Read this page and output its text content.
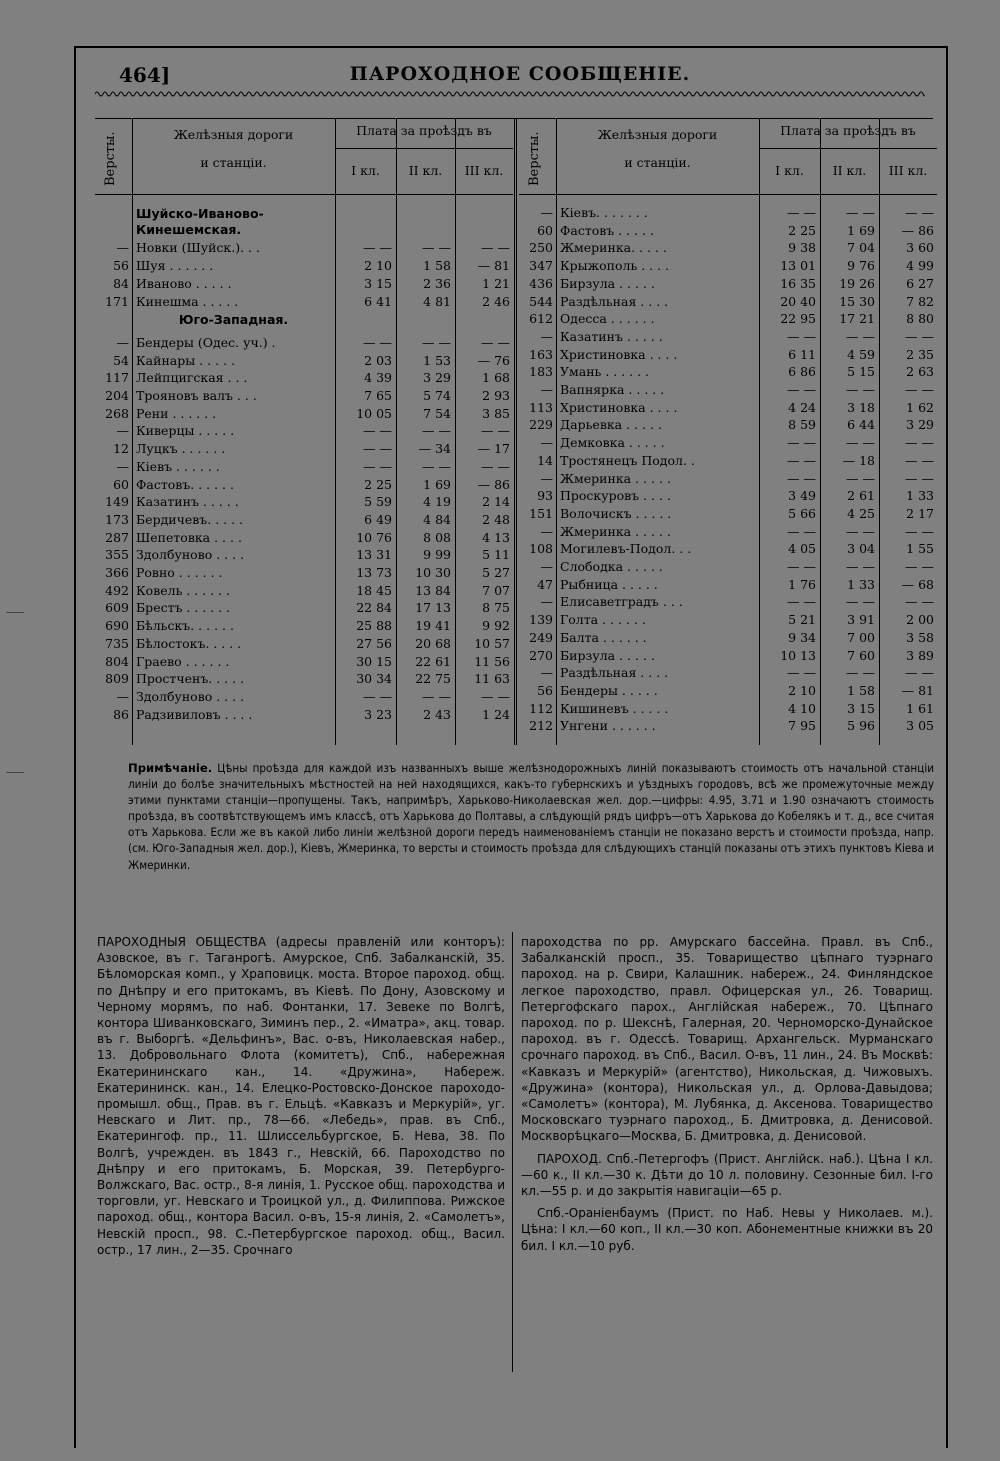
464]	ПАРОХОДНОЕ СООБЩЕНІЕ.
Версты.	Желѣзныя дороги
и станціи.
Плата за проѣздъ въ
I кл.	II кл.	III кл.
Шуйско-Ивановo-Кинешемская.
— Новки (Шуйск.). . .	— —	— —	— —
56 Шуя . . . . . .	2 10	1 58	— 81
84 Иваново . . . . .	3 15	2 36	1 21
171 Кинешма . . . . .	6 41	4 81	2 46
Юго-Западная.
— Бендеры (Одес. уч.) .	— —	— —	— —
54 Кайнары . . . . .	2 03	1 53	— 76
117 Лейпцигская . . .	4 39	3 29	1 68
204 Трояновъ валъ . . .	7 65	5 74	2 93
268 Рени . . . . . .	10 05	7 54	3 85
— Киверцы . . . . .	— —	— —	— —
12 Луцкъ . . . . . .	— —	— 34	— 17
— Кіевъ . . . . . .	— —	— —	— —
60 Фастовъ. . . . . .	2 25	1 69	— 86
149 Казатинъ . . . . .	5 59	4 19	2 14
173 Бердичевъ. . . . .	6 49	4 84	2 48
287 Шепетовка . . . .	10 76	8 08	4 13
355 Здолбуново . . . .	13 31	9 99	5 11
366 Ровно . . . . . .	13 73	10 30	5 27
492 Ковель . . . . . .	18 45	13 84	7 07
609 Брестъ . . . . . .	22 84	17 13	8 75
690 Бѣльскъ. . . . . .	25 88	19 41	9 92
735 Бѣлостокъ. . . . .	27 56	20 68	10 57
804 Граево . . . . . .	30 15	22 61	11 56
809 Простченъ. . . . .	30 34	22 75	11 63
— Здолбуново . . . .	— —	— —	— —
86 Радзивиловъ . . . .	3 23	2 43	1 24
Версты.	Желѣзныя дороги
и станціи.
Плата за проѣздъ въ
I кл.	II кл.	III кл.
— Кіевъ. . . . . . .	— —	— —	— —
60 Фастовъ . . . . .	2 25	1 69	— 86
250 Жмеринка. . . . .	9 38	7 04	3 60
347 Крыжополь . . . .	13 01	9 76	4 99
436 Бирзула . . . . .	16 35	19 26	6 27
544 Раздѣльная . . . .	20 40	15 30	7 82
612 Одесса . . . . . .	22 95	17 21	8 80
— Казатинъ . . . . .	— —	— —	— —
163 Христиновка . . . .	6 11	4 59	2 35
183 Умань . . . . . .	6 86	5 15	2 63
— Вапнярка . . . . .	— —	— —	— —
113 Христиновка . . . .	4 24	3 18	1 62
229 Дарьевка . . . . .	8 59	6 44	3 29
— Демковка . . . . .	— —	— —	— —
14 Тростянецъ Подол. .	— —	— 18	— —
— Жмеринка . . . . .	— —	— —	— —
93 Проскуровъ . . . .	3 49	2 61	1 33
151 Волочискъ . . . . .	5 66	4 25	2 17
— Жмеринка . . . . .	— —	— —	— —
108 Могилевъ-Подол. . .	4 05	3 04	1 55
— Слободка . . . . .	— —	— —	— —
47 Рыбница . . . . .	1 76	1 33	— 68
— Елисаветградъ . . .	— —	— —	— —
139 Голта . . . . . .	5 21	3 91	2 00
249 Балта . . . . . .	9 34	7 00	3 58
270 Бирзула . . . . .	10 13	7 60	3 89
— Раздѣльная . . . .	— —	— —	— —
56 Бендеры . . . . .	2 10	1 58	— 81
112 Кишиневъ . . . . .	4 10	3 15	1 61
212 Унгени . . . . . .	7 95	5 96	3 05
Примѣчаніе. Цѣны проѣзда для каждой изъ названныхъ выше желѣзнодорожныхъ линій показываютъ стоимость отъ начальной станціи линіи до болѣе значительныхъ мѣстностей на ней находящихся, какъ-то губернскихъ и уѣздныхъ городовъ, всѣ же промежуточные между этими пунктами станціи—пропущены. Такъ, напримѣръ, Харьково-Николаевская жел. дор.—цифры: 4.95, 3.71 и 1.90 означаютъ стоимость проѣзда, въ соотвѣтствующемъ имъ классѣ, отъ Харькова до Полтавы, а слѣдующій рядъ цифръ—отъ Харькова до Кобелякъ и т. д., все считая отъ Харькова. Если же въ какой либо линіи желѣзной дороги передъ наименованіемъ станціи не показано верстъ и стоимости проѣзда, напр. (см. Юго-Западныя жел. дор.), Кіевъ, Жмеринка, то версты и стоимость проѣзда для слѣдующихъ станцій показаны отъ этихъ пунктовъ Кіева и Жмеринки.

ПАРОХОДНЫЯ ОБЩЕСТВА (адресы правленій или конторъ): Азовское, въ г. Таганрогѣ. Амурское, Спб. Забалканскій, 35. Бѣломорская комп., у Храповицк. моста. Второе пароход. общ. по Днѣпру и его притокамъ, въ Кіевѣ. По Дону, Азовскому и Черному морямъ, по наб. Фонтанки, 17. Зевеке по Волгѣ, контора Шиванковскаго, Зиминъ пер., 2. «Иматра», акц. товар. въ г. Выборгѣ. «Дельфинъ», Вас. о-въ, Николаевская набер., 13. Добровольнаго Флота (комитетъ), Спб., набережная Екатерининскаго кан., 14. «Дружина», Набереж. Екатерининск. кан., 14. Елецко-Ростовско-Донское пароходо-промышл. общ., Прав. въ г. Ельцѣ. «Кавказъ и Меркурій», уг. Невскаго и Лит. пр., 78—66. «Лебедь», прав. въ Спб., Екатерингоф. пр., 11. Шлиссельбургское, Б. Нева, 38. По Волгѣ, учрежден. въ 1843 г., Невскій, 66. Пароходство по Днѣпру и его притокамъ, Б. Морская, 39. Петербурго-Волжскаго, Вас. остр., 8-я линія, 1. Русское общ. пароходства и торговли, уг. Невскаго и Троицкой ул., д. Филиппова. Рижское пароход. общ., контора Васил. о-въ, 15-я линія, 2. «Самолетъ», Невскій просп., 98. С.-Петербургское пароход. общ., Васил. остр., 17 лин., 2—35. Срочнаго

пароходства по рр. Амурскаго бассейна. Правл. въ Спб., Забалканскій просп., 35. Товарищество цѣпнаго туэрнаго пароход. на р. Свири, Калашник. набереж., 24. Финляндское легкое пароходство, правл. Офицерская ул., 26. Товарищ. Петергофскаго парох., Англійская набереж., 70. Цѣпнаго пароход. по р. Шекснѣ, Галерная, 20. Черноморско-Дунайское пароход. въ г. Одессѣ. Товарищ. Архангельск. Мурманскаго срочнаго пароход. въ Спб., Васил. О-въ, 11 лин., 24. Въ Москвѣ: «Кавказъ и Меркурій» (агентство), Никольская, д. Чижовыхъ. «Дружина» (контора), Никольская ул., д. Орлова-Давыдова; «Самолетъ» (контора), М. Лубянка, д. Аксенова. Товарищество Московскаго туэрнаго пароход., Б. Дмитровка, д. Денисовой. Москворѣцкаго—Москва, Б. Дмитровка, д. Денисовой.

ПАРОХОД. Спб.-Петергофъ (Прист. Англійск. наб.). Цѣна I кл.—60 к., II кл.—30 к. Дѣти до 10 л. половину. Сезонные бил. I-го кл.—55 р. и до закрытія навигаціи—65 р.

Спб.-Ораніенбаумъ (Прист. по Наб. Невы у Николаев. м.). Цѣна: I кл.—60 коп., II кл.—30 коп. Абонементные книжки въ 20 бил. I кл.—10 руб.
